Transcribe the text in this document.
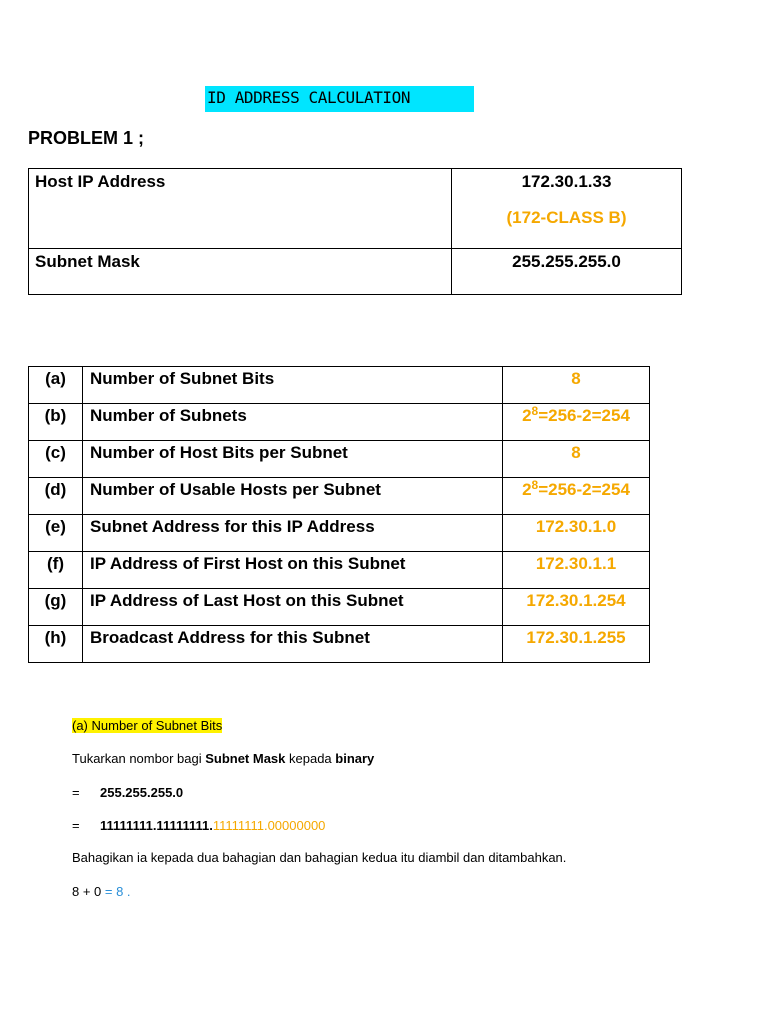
ID ADDRESS CALCULATION
PROBLEM 1 ;
Host IP Address	172.30.1.33
(172-CLASS B)

Subnet Mask	255.255.255.0
(a)	Number of Subnet Bits	8
(b)	Number of Subnets	$2^8=256-2=254$
(c)	Number of Host Bits per Subnet	8
(d)	Number of Usable Hosts per Subnet	$2^8=256-2=254$
(e)	Subnet Address for this IP Address	172.30.1.0
(f)	IP Address of First Host on this Subnet	172.30.1.1
(g)	IP Address of Last Host on this Subnet	172.30.1.254
(h)	Broadcast Address for this Subnet	172.30.1.255
(a) Number of Subnet Bits
Tukarkan nombor bagi Subnet Mask kepada binary
= 255.255.255.0
= 11111111.11111111.11111111.00000000
Bahagikan ia kepada dua bahagian dan bahagian kedua itu diambil dan ditambahkan.
8 + 0 = 8 .
